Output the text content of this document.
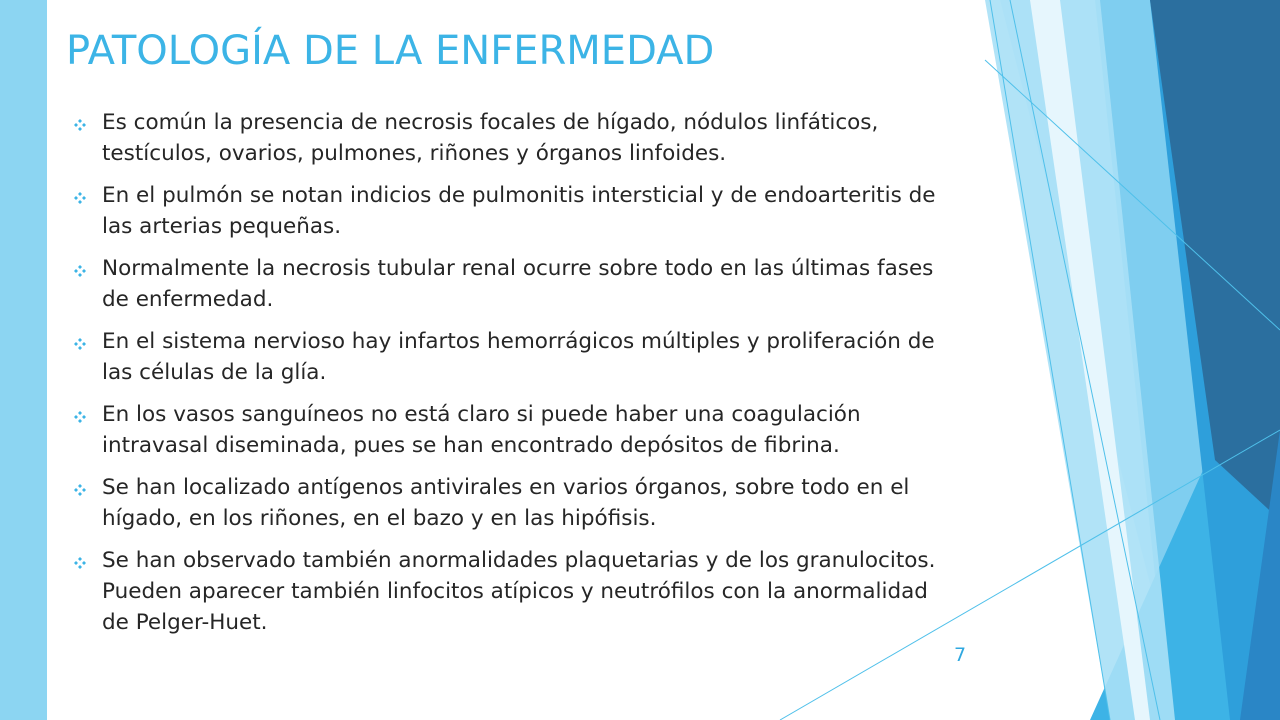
PATOLOGÍA DE LA ENFERMEDAD
Es común la presencia de necrosis focales de hígado, nódulos linfáticos, testículos, ovarios, pulmones, riñones y órganos linfoides.
En el pulmón se notan indicios de pulmonitis intersticial y de endoarteritis de las arterias pequeñas.
Normalmente la necrosis tubular renal ocurre sobre todo en las últimas fases de enfermedad.
En el sistema nervioso hay infartos hemorrágicos múltiples y proliferación de las células de la glía.
En los vasos sanguíneos no está claro si puede haber una coagulación intravasal diseminada, pues se han encontrado depósitos de fibrina.
Se han localizado antígenos antivirales en varios órganos, sobre todo en el hígado, en los riñones, en el bazo y en las hipófisis.
Se han observado también anormalidades plaquetarias y de los granulocitos. Pueden aparecer también linfocitos atípicos y neutrófilos con la anormalidad de Pelger-Huet.
7
